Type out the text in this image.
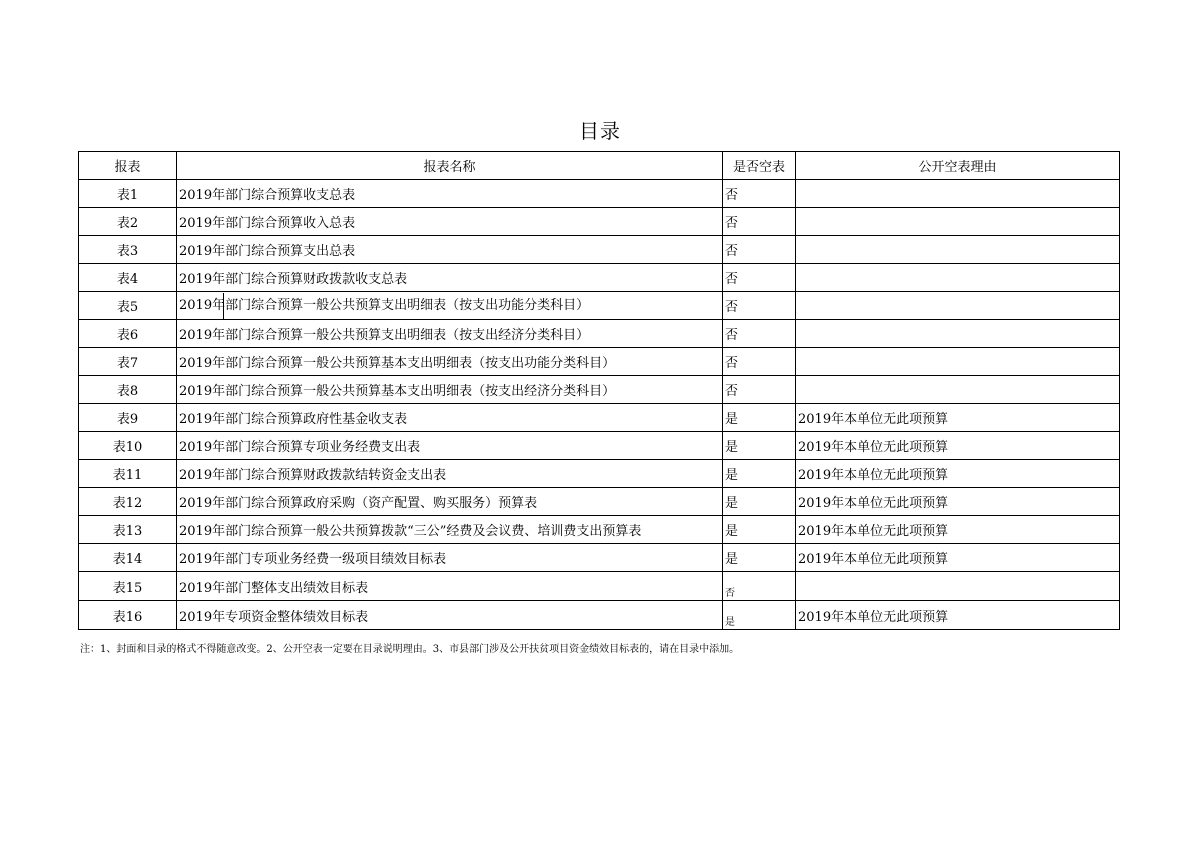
目录
报表	报表名称	是否空表	公开空表理由
表1	2019年部门综合预算收支总表	否	
表2	2019年部门综合预算收入总表	否	
表3	2019年部门综合预算支出总表	否	
表4	2019年部门综合预算财政拨款收支总表	否	
表5	2019年部门综合预算一般公共预算支出明细表（按支出功能分类科目）	否	
表6	2019年部门综合预算一般公共预算支出明细表（按支出经济分类科目）	否	
表7	2019年部门综合预算一般公共预算基本支出明细表（按支出功能分类科目）	否	
表8	2019年部门综合预算一般公共预算基本支出明细表（按支出经济分类科目）	否	
表9	2019年部门综合预算政府性基金收支表	是	2019年本单位无此项预算
表10	2019年部门综合预算专项业务经费支出表	是	2019年本单位无此项预算
表11	2019年部门综合预算财政拨款结转资金支出表	是	2019年本单位无此项预算
表12	2019年部门综合预算政府采购（资产配置、购买服务）预算表	是	2019年本单位无此项预算
表13	2019年部门综合预算一般公共预算拨款“三公”经费及会议费、培训费支出预算表	是	2019年本单位无此项预算
表14	2019年部门专项业务经费一级项目绩效目标表	是	2019年本单位无此项预算
表15	2019年部门整体支出绩效目标表	否	
表16	2019年专项资金整体绩效目标表	是	2019年本单位无此项预算
注：1、封面和目录的格式不得随意改变。2、公开空表一定要在目录说明理由。3、市县部门涉及公开扶贫项目资金绩效目标表的，请在目录中添加。
